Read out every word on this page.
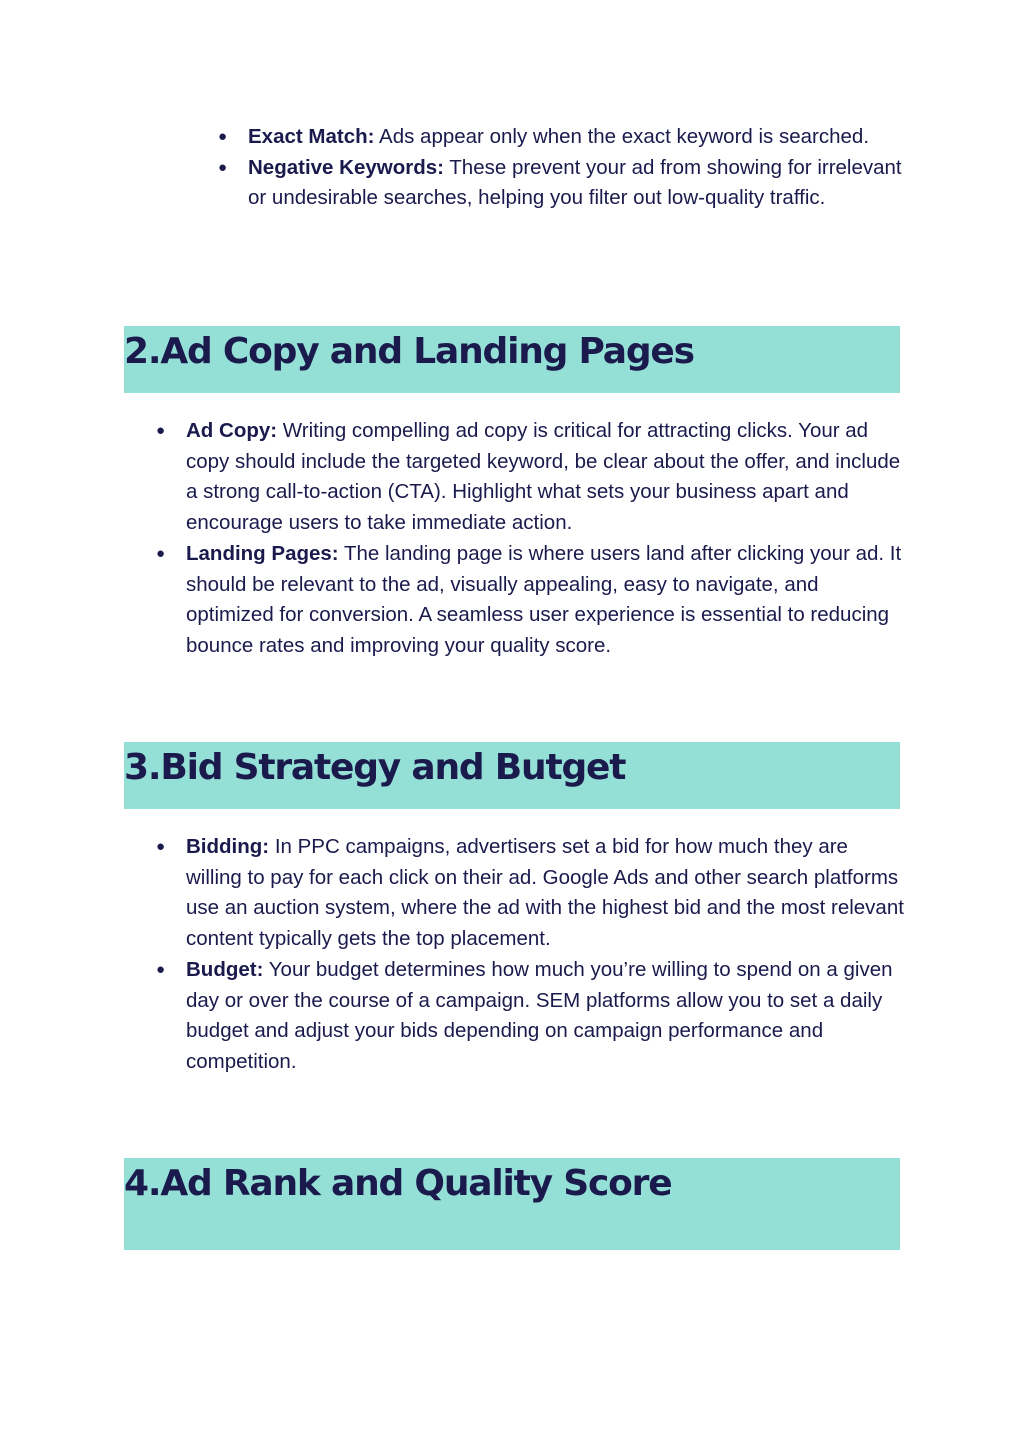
● Exact Match: Ads appear only when the exact keyword is searched.
● Negative Keywords: These prevent your ad from showing for irrelevant or undesirable searches, helping you filter out low-quality traffic.
2.Ad Copy and Landing Pages
● Ad Copy: Writing compelling ad copy is critical for attracting clicks. Your ad copy should include the targeted keyword, be clear about the offer, and include a strong call-to-action (CTA). Highlight what sets your business apart and encourage users to take immediate action.
● Landing Pages: The landing page is where users land after clicking your ad. It should be relevant to the ad, visually appealing, easy to navigate, and optimized for conversion. A seamless user experience is essential to reducing bounce rates and improving your quality score.
3.Bid Strategy and Butget
● Bidding: In PPC campaigns, advertisers set a bid for how much they are willing to pay for each click on their ad. Google Ads and other search platforms use an auction system, where the ad with the highest bid and the most relevant content typically gets the top placement.
● Budget: Your budget determines how much you’re willing to spend on a given day or over the course of a campaign. SEM platforms allow you to set a daily budget and adjust your bids depending on campaign performance and competition.
4.Ad Rank and Quality Score
